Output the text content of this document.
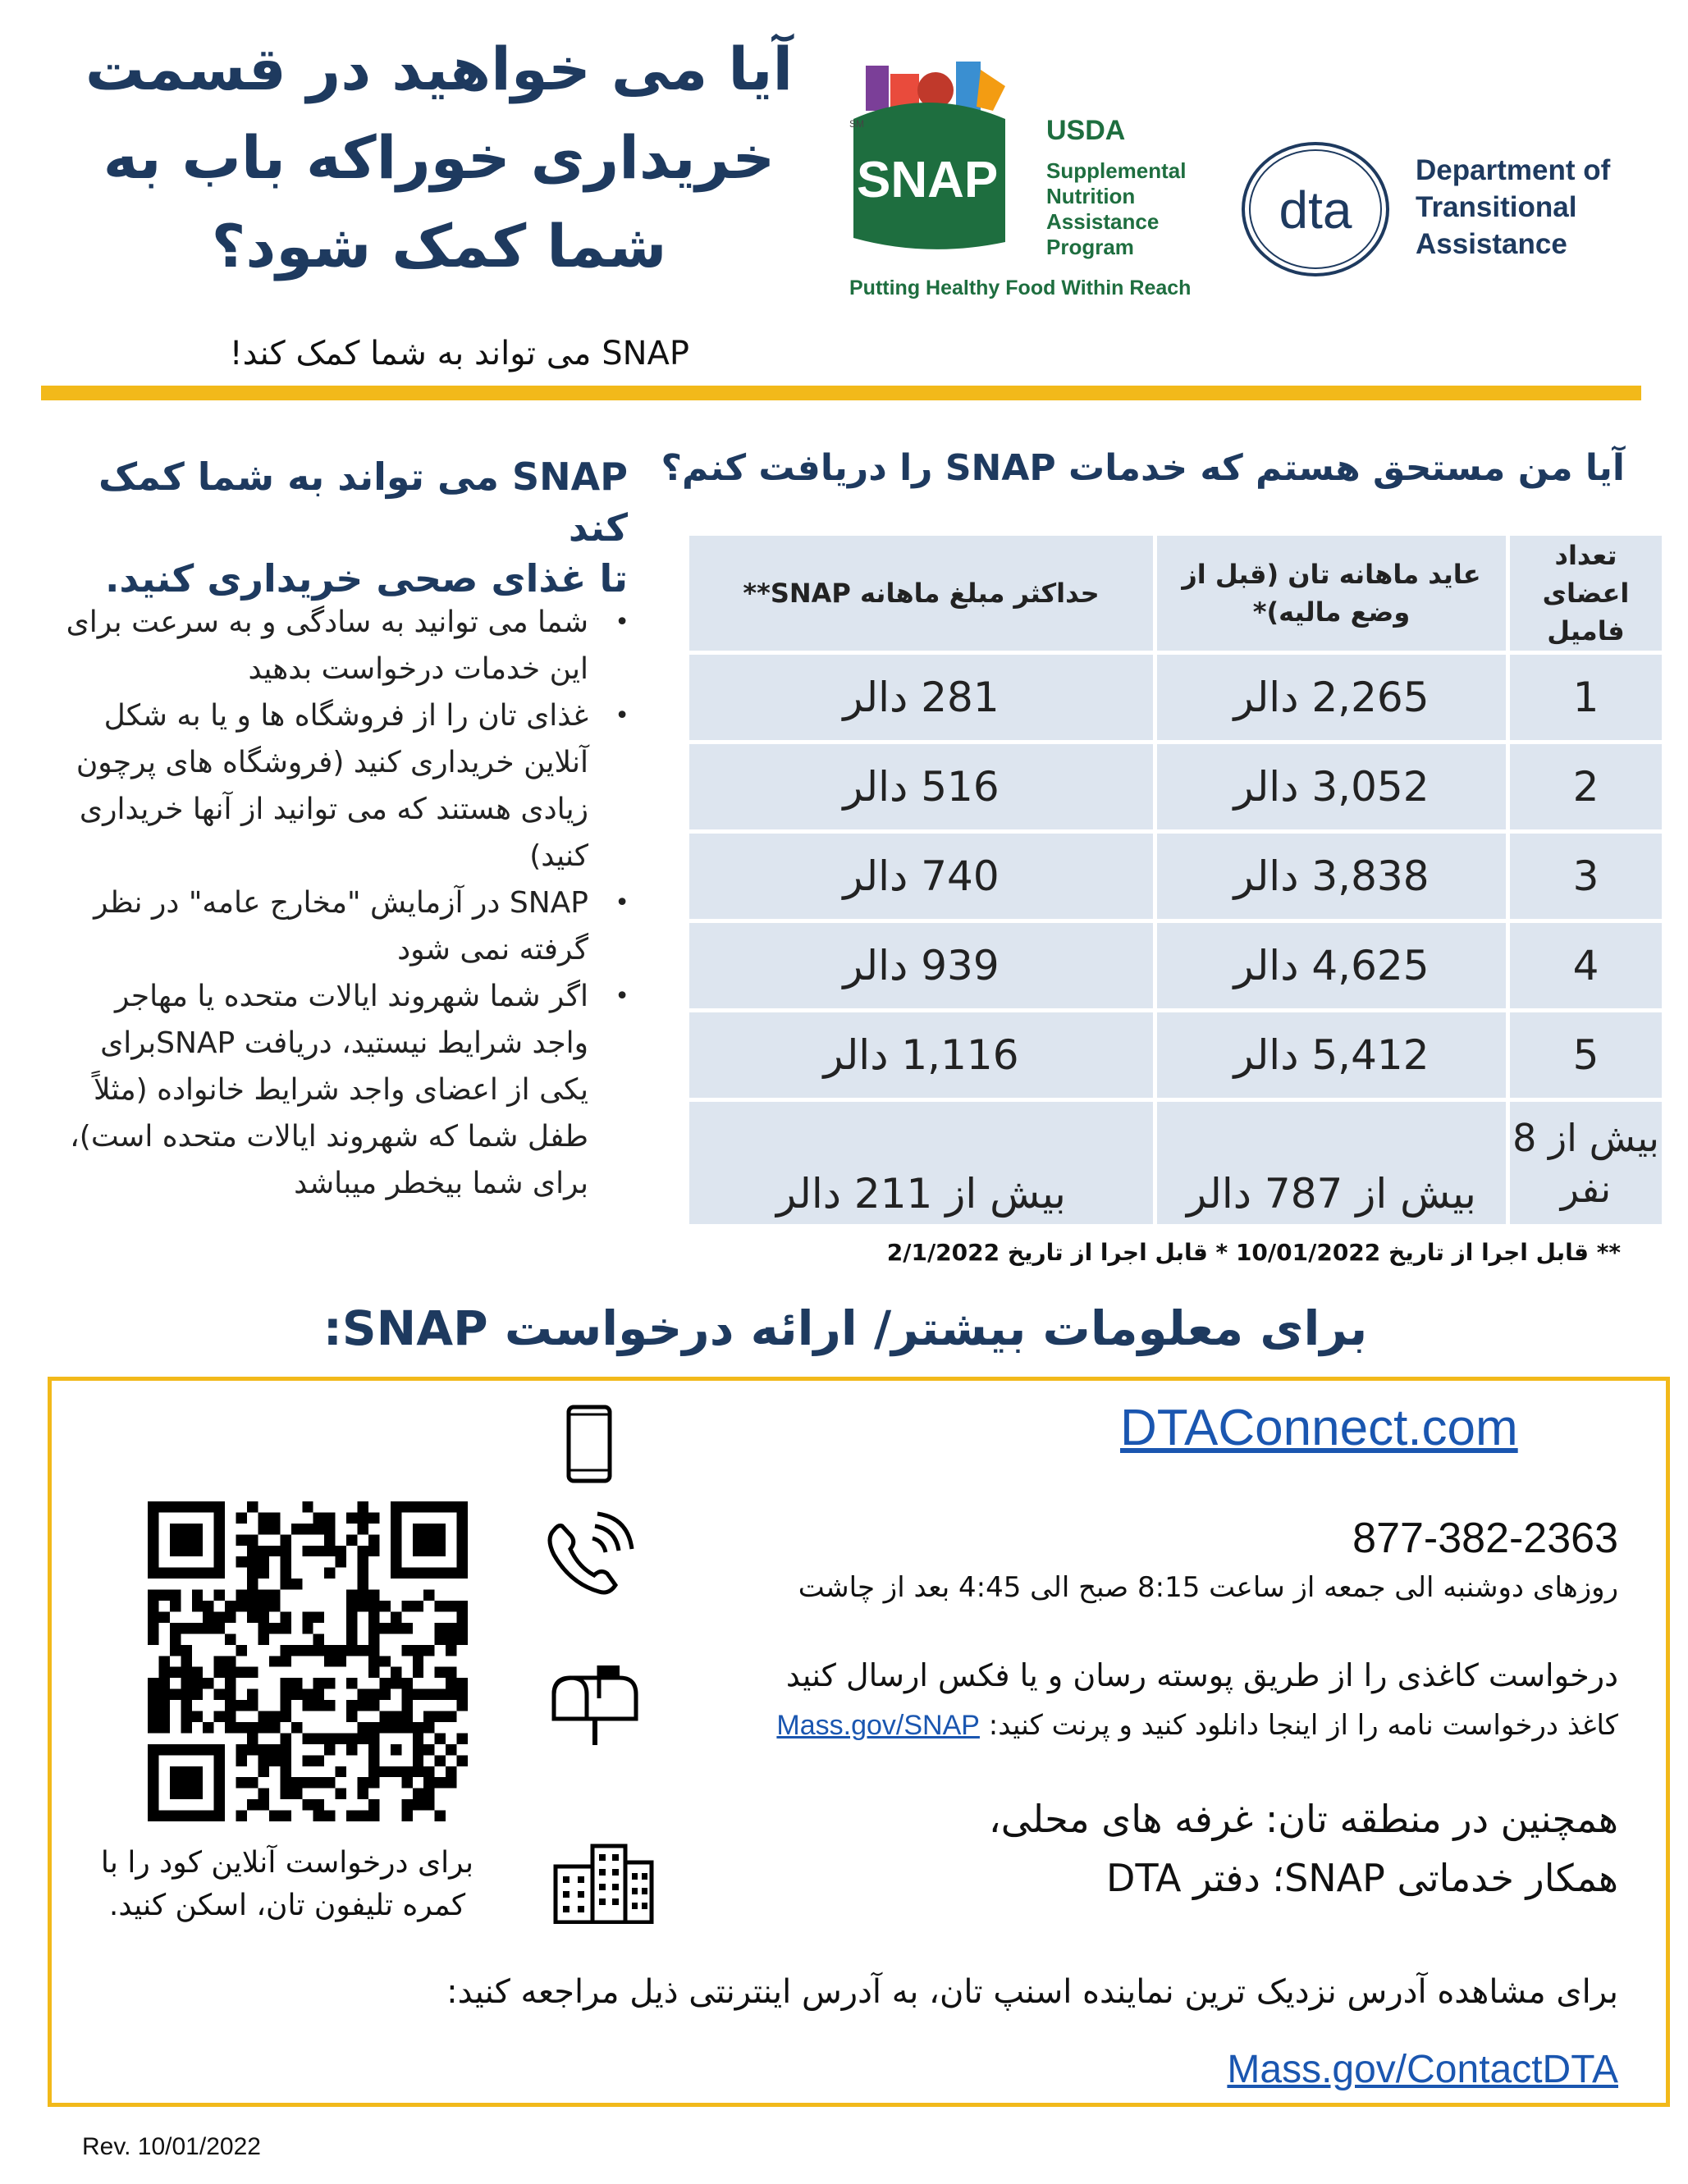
آیا می خواهید در قسمت
خریداری خوراکه باب به
شما کمک شود؟
SNAP می تواند به شما کمک کند!
SNAP
SM	USDA
Supplemental
Nutrition
Assistance
Program
Putting Healthy Food Within Reach
dta
Department of
Transitional
Assistance
SNAP می تواند به شما کمک کند
تا غذای صحی خریداری کنید.
•
شما می توانید به سادگی و به سرعت برای این خدمات درخواست بدهید
•
غذای تان را از فروشگاه ها و یا به شکل آنلاین خریداری کنید (فروشگاه های پرچون زیادی هستند که می توانید از آنها خریداری کنید)
•
SNAP در آزمایش "مخارج عامه" در نظر گرفته نمی شود
•
اگر شما شهروند ایالات متحده یا مهاجر واجد شرایط نیستید، دریافت SNAPبرای یکی از اعضای واجد شرایط خانواده (مثلاً طفل شما که شهروند ایالات متحده است)، برای شما بیخطر میباشد
آیا من مستحق هستم که خدمات SNAP را دریافت کنم؟
حداکثر مبلغ ماهانه SNAP**	عاید ماهانه تان (قبل از وضع مالیه)*	تعداد اعضای فامیل
281 دالر	2,265 دالر	1
516 دالر	3,052 دالر	2
740 دالر	3,838 دالر	3
939 دالر	4,625 دالر	4
1,116 دالر	5,412 دالر	5
بیش از 211 دالر	بیش از 787 دالر	بیش از 8 نفر
** قابل اجرا از تاریخ 10/01/2022 * قابل اجرا از تاریخ 2/1/2022
برای معلومات بیشتر/ ارائه درخواست SNAP:
DTAConnect.com
877-382-2363
روزهای دوشنبه الی جمعه از ساعت 8:15 صبح الی 4:45 بعد از چاشت
درخواست کاغذی را از طریق پوسته رسان و یا فکس ارسال کنید
کاغذ درخواست نامه را از اینجا دانلود کنید و پرنت کنید: Mass.gov/SNAP
همچنین در منطقه تان: غرفه های محلی،
همکار خدماتی SNAP؛ دفتر DTA
برای مشاهده آدرس نزدیک ترین نماینده اسنپ تان، به آدرس اینترنتی ذیل مراجعه کنید:
Mass.gov/ContactDTA
برای درخواست آنلاین کود را با
کمره تلیفون تان، اسکن کنید.
Rev. 10/01/2022
